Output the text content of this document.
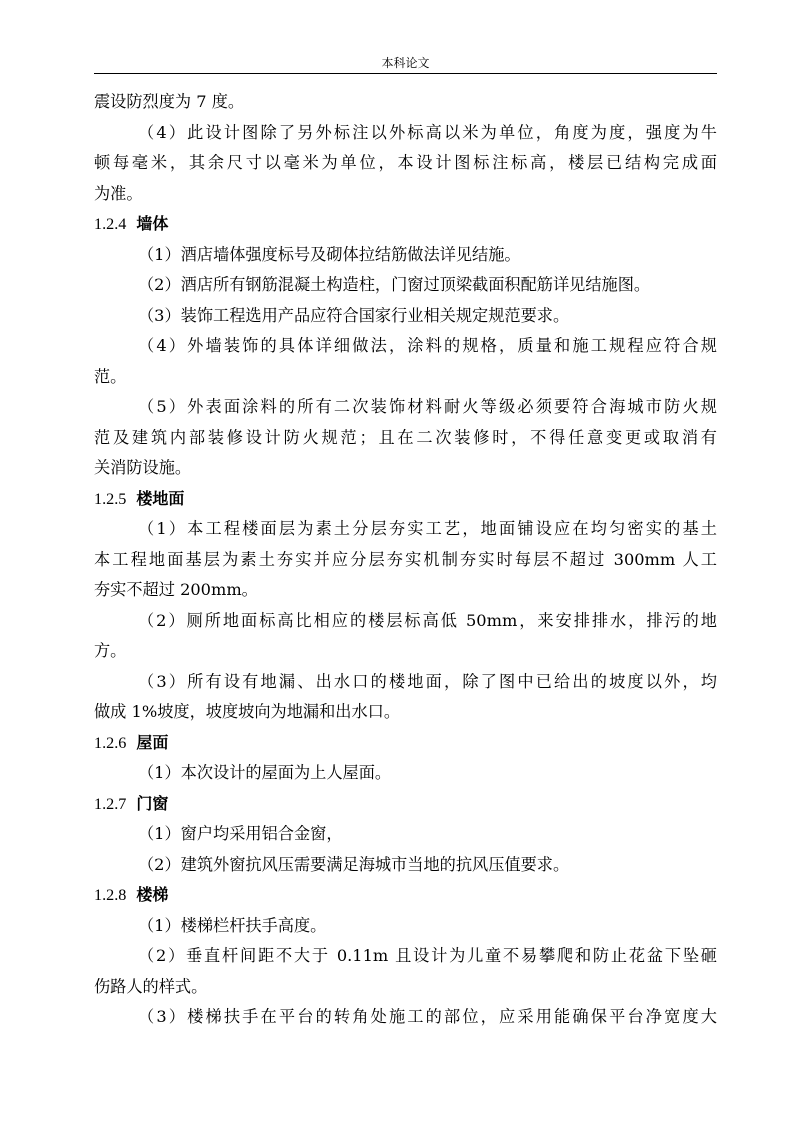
本科论文
震设防烈度为 7 度。
（4）此设计图除了另外标注以外标高以米为单位，角度为度，强度为牛
顿每毫米，其余尺寸以毫米为单位，本设计图标注标高，楼层已结构完成面
为准。
1.2.4 墙体
（1）酒店墙体强度标号及砌体拉结筋做法详见结施。
（2）酒店所有钢筋混凝土构造柱，门窗过顶梁截面积配筋详见结施图。
（3）装饰工程选用产品应符合国家行业相关规定规范要求。
（4）外墙装饰的具体详细做法，涂料的规格，质量和施工规程应符合规
范。
（5）外表面涂料的所有二次装饰材料耐火等级必须要符合海城市防火规
范及建筑内部装修设计防火规范；且在二次装修时，不得任意变更或取消有
关消防设施。
1.2.5 楼地面
（1）本工程楼面层为素土分层夯实工艺，地面铺设应在均匀密实的基土
本工程地面基层为素土夯实并应分层夯实机制夯实时每层不超过 300mm 人工
夯实不超过 200mm。
（2）厕所地面标高比相应的楼层标高低 50mm，来安排排水，排污的地
方。
（3）所有设有地漏、出水口的楼地面，除了图中已给出的坡度以外，均
做成 1%坡度，坡度坡向为地漏和出水口。
1.2.6 屋面
（1）本次设计的屋面为上人屋面。
1.2.7 门窗
（1）窗户均采用铝合金窗，
（2）建筑外窗抗风压需要满足海城市当地的抗风压值要求。
1.2.8 楼梯
（1）楼梯栏杆扶手高度。
（2）垂直杆间距不大于 0.11m 且设计为儿童不易攀爬和防止花盆下坠砸
伤路人的样式。
（3）楼梯扶手在平台的转角处施工的部位，应采用能确保平台净宽度大
